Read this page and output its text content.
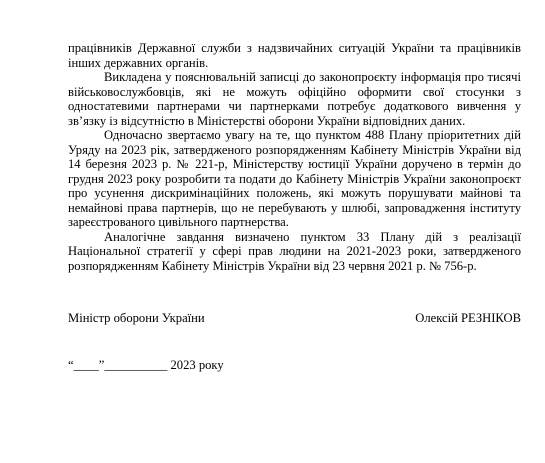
працівників Державної служби з надзвичайних ситуацій України та працівників інших державних органів.

Викладена у пояснювальній записці до законопроєкту інформація про тисячі військовослужбовців, які не можуть офіційно оформити свої стосунки з одностатевими партнерами чи партнерками потребує додаткового вивчення у зв’язку із відсутністю в Міністерстві оборони України відповідних даних.

Одночасно звертаємо увагу на те, що пунктом 488 Плану пріоритетних дій Уряду на 2023 рік, затвердженого розпорядженням Кабінету Міністрів України від 14 березня 2023 р. № 221-р, Міністерству юстиції України доручено в термін до грудня 2023 року розробити та подати до Кабінету Міністрів України законопроєкт про усунення дискримінаційних положень, які можуть порушувати майнові та немайнові права партнерів, що не перебувають у шлюбі, запровадження інституту зареєстрованого цивільного партнерства.

Аналогічне завдання визначено пунктом 33 Плану дій з реалізації Національної стратегії у сфері прав людини на 2021-2023 роки, затвердженого розпорядженням Кабінету Міністрів України від 23 червня 2021 р. № 756-р.

Міністр оборони України	Олексій РЕЗНІКОВ
“____”__________ 2023 року
